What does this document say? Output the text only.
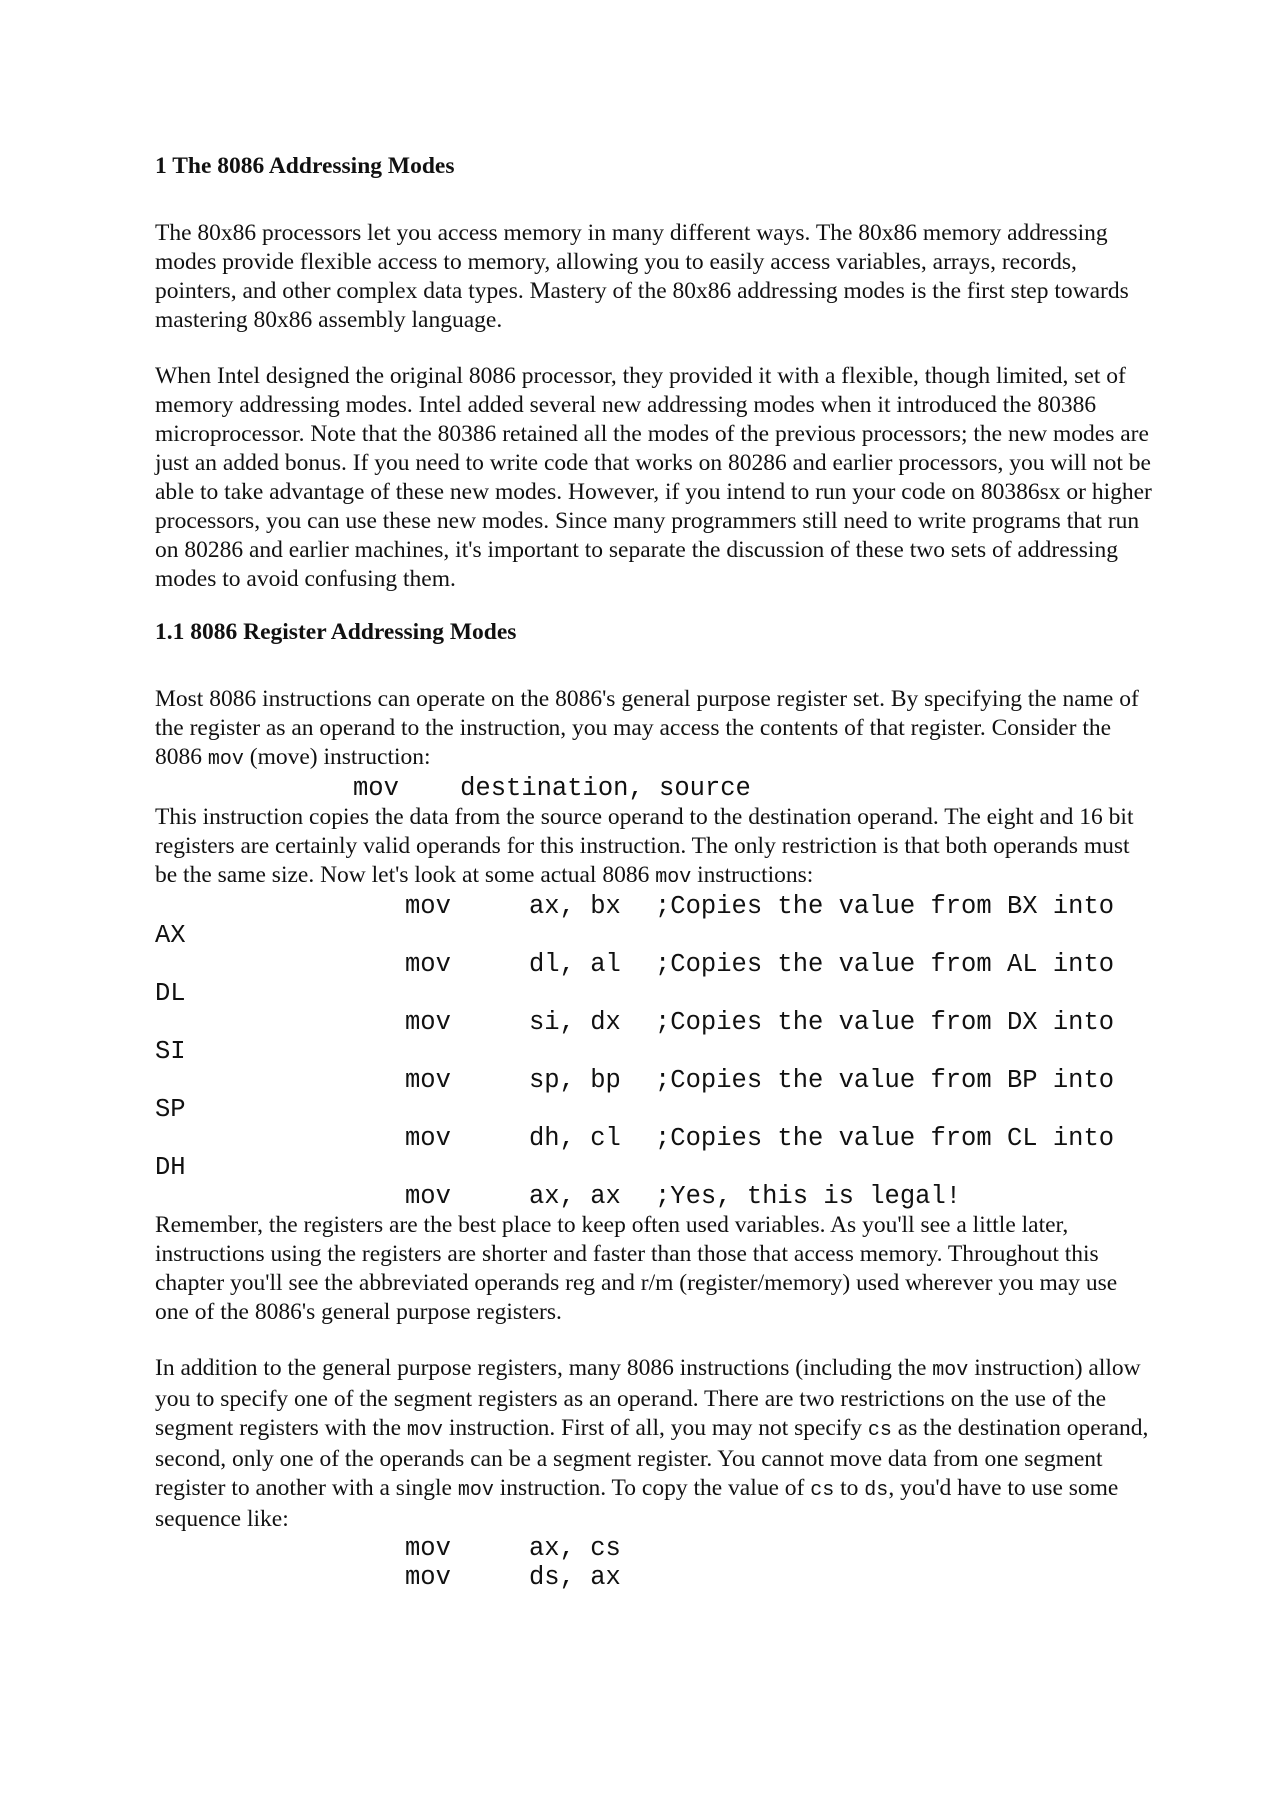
1 The 8086 Addressing Modes

The 80x86 processors let you access memory in many different ways. The 80x86 memory addressing modes provide flexible access to memory, allowing you to easily access variables, arrays, records, pointers, and other complex data types. Mastery of the 80x86 addressing modes is the first step towards mastering 80x86 assembly language.

When Intel designed the original 8086 processor, they provided it with a flexible, though limited, set of memory addressing modes. Intel added several new addressing modes when it introduced the 80386 microprocessor. Note that the 80386 retained all the modes of the previous processors; the new modes are just an added bonus. If you need to write code that works on 80286 and earlier processors, you will not be able to take advantage of these new modes. However, if you intend to run your code on 80386sx or higher processors, you can use these new modes. Since many programmers still need to write programs that run on 80286 and earlier machines, it's important to separate the discussion of these two sets of addressing modes to avoid confusing them.

1.1 8086 Register Addressing Modes

Most 8086 instructions can operate on the 8086's general purpose register set. By specifying the name of the register as an operand to the instruction, you may access the contents of that register. Consider the 8086 mov (move) instruction:

mov    destination, source

This instruction copies the data from the source operand to the destination operand. The eight and 16 bit registers are certainly valid operands for this instruction. The only restriction is that both operands must be the same size. Now let's look at some actual 8086 mov instructions:

mov	ax, bx	;Copies the value from BX into
AX
mov	dl, al	;Copies the value from AL into
DL
mov	si, dx	;Copies the value from DX into
SI
mov	sp, bp	;Copies the value from BP into
SP
mov	dh, cl	;Copies the value from CL into
DH
mov	ax, ax	;Yes, this is legal!

Remember, the registers are the best place to keep often used variables. As you'll see a little later, instructions using the registers are shorter and faster than those that access memory. Throughout this chapter you'll see the abbreviated operands reg and r/m (register/memory) used wherever you may use one of the 8086's general purpose registers.

In addition to the general purpose registers, many 8086 instructions (including the mov instruction) allow you to specify one of the segment registers as an operand. There are two restrictions on the use of the segment registers with the mov instruction. First of all, you may not specify cs as the destination operand, second, only one of the operands can be a segment register. You cannot move data from one segment register to another with a single mov instruction. To copy the value of cs to ds, you'd have to use some sequence like:

mov	ax, cs
mov	ds, ax
